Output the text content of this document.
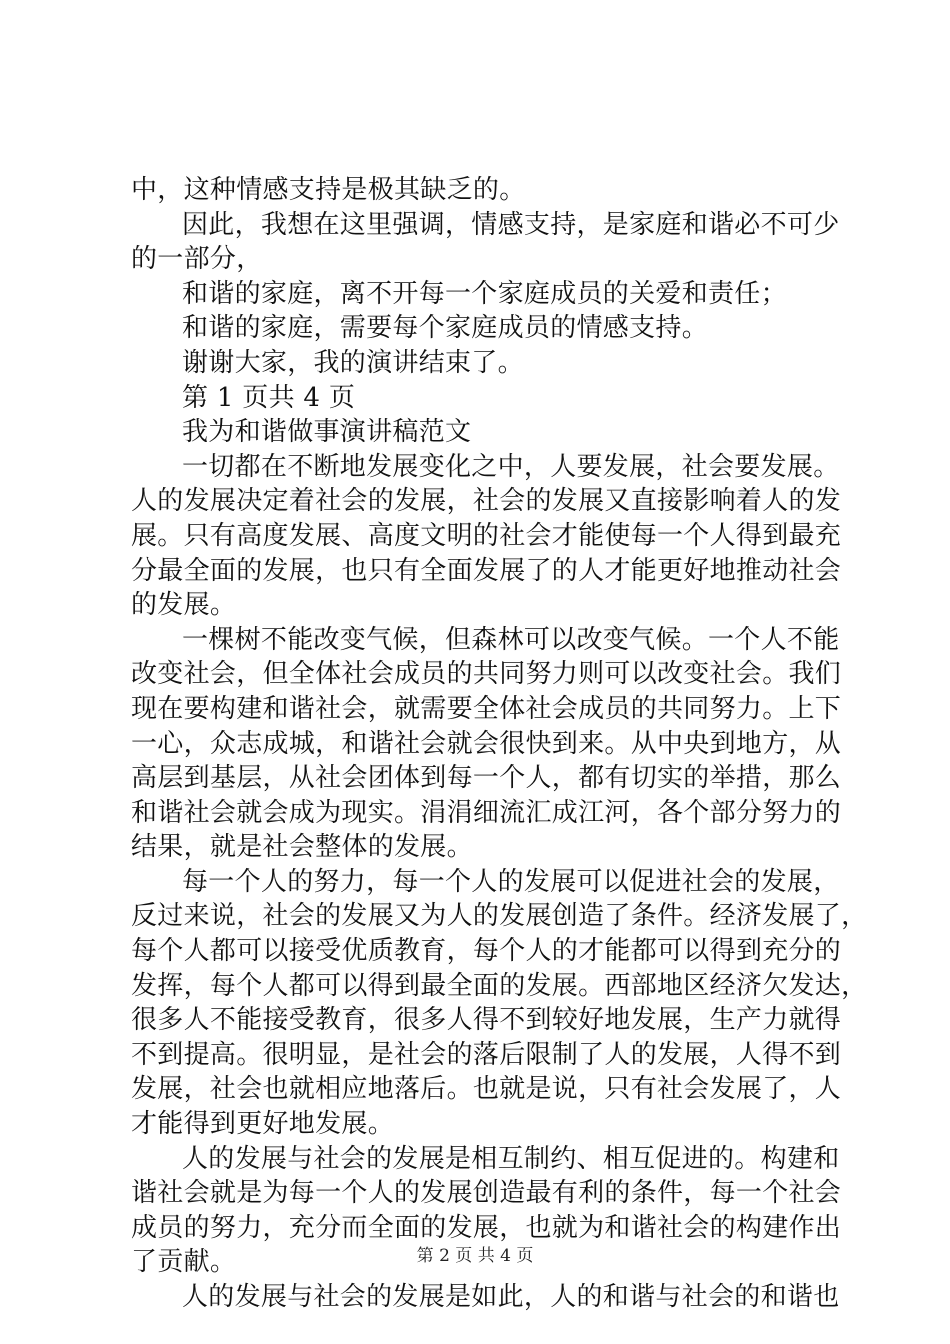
中，这种情感支持是极其缺乏的。
因此，我想在这里强调，情感支持，是家庭和谐必不可少
的一部分，
和谐的家庭，离不开每一个家庭成员的关爱和责任；
和谐的家庭，需要每个家庭成员的情感支持。
谢谢大家，我的演讲结束了。
第 1 页共 4 页
我为和谐做事演讲稿范文
一切都在不断地发展变化之中，人要发展，社会要发展。
人的发展决定着社会的发展，社会的发展又直接影响着人的发
展。只有高度发展、高度文明的社会才能使每一个人得到最充
分最全面的发展，也只有全面发展了的人才能更好地推动社会
的发展。
一棵树不能改变气候，但森林可以改变气候。一个人不能
改变社会，但全体社会成员的共同努力则可以改变社会。我们
现在要构建和谐社会，就需要全体社会成员的共同努力。上下
一心，众志成城，和谐社会就会很快到来。从中央到地方，从
高层到基层，从社会团体到每一个人，都有切实的举措，那么
和谐社会就会成为现实。涓涓细流汇成江河，各个部分努力的
结果，就是社会整体的发展。
每一个人的努力，每一个人的发展可以促进社会的发展，
反过来说，社会的发展又为人的发展创造了条件。经济发展了，
每个人都可以接受优质教育，每个人的才能都可以得到充分的
发挥，每个人都可以得到最全面的发展。西部地区经济欠发达，
很多人不能接受教育，很多人得不到较好地发展，生产力就得
不到提高。很明显，是社会的落后限制了人的发展，人得不到
发展，社会也就相应地落后。也就是说，只有社会发展了，人
才能得到更好地发展。
人的发展与社会的发展是相互制约、相互促进的。构建和
谐社会就是为每一个人的发展创造最有利的条件，每一个社会
成员的努力，充分而全面的发展，也就为和谐社会的构建作出
了贡献。
人的发展与社会的发展是如此，人的和谐与社会的和谐也
第 2 页 共 4 页
